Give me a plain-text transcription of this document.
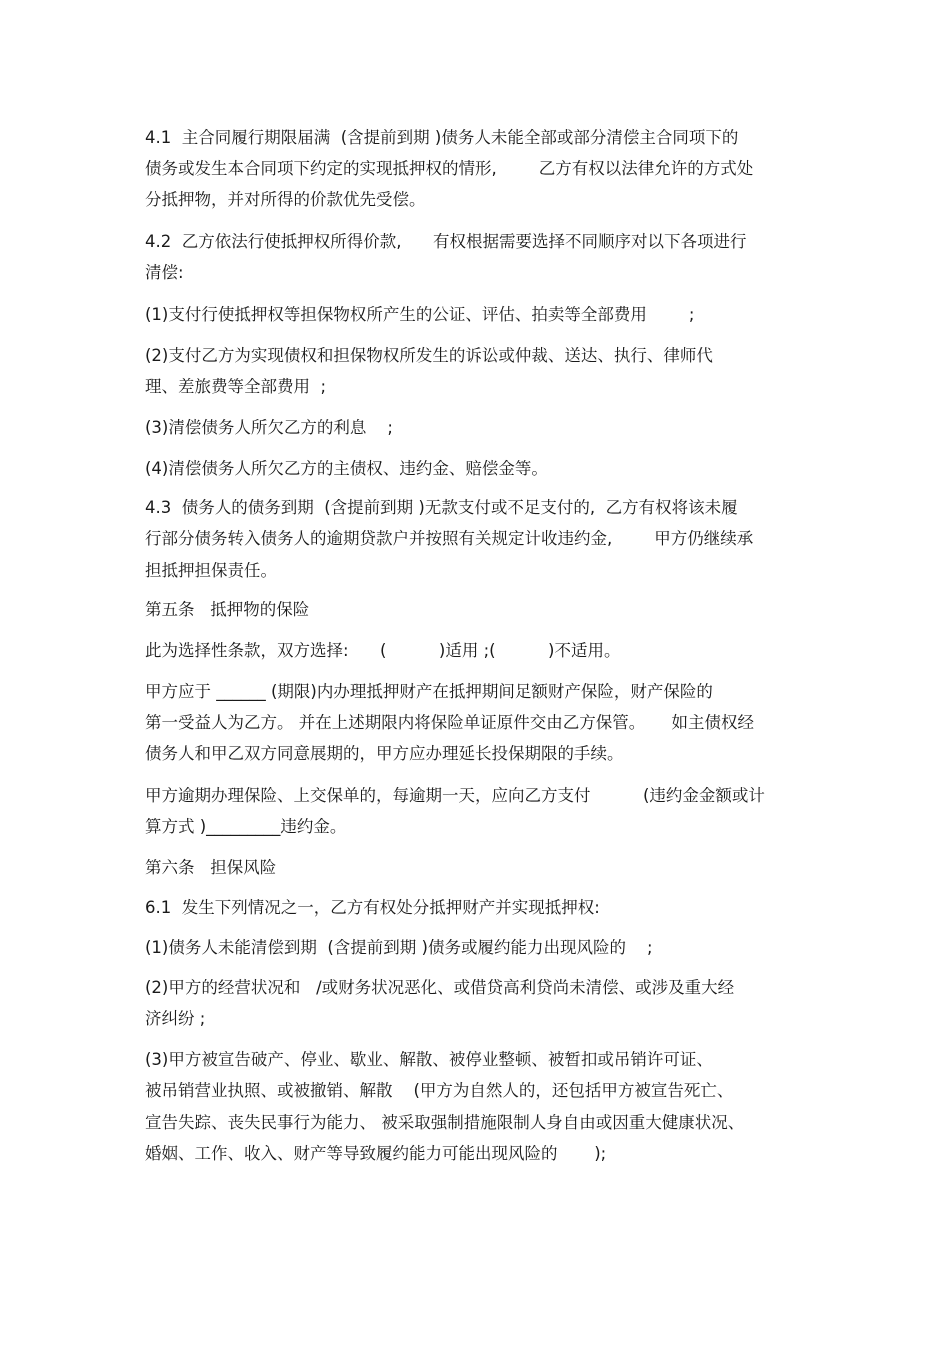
4.1  主合同履行期限届满  (含提前到期 )债务人未能全部或部分清偿主合同项下的
债务或发生本合同项下约定的实现抵押权的情形,        乙方有权以法律允许的方式处
分抵押物，并对所得的价款优先受偿。
4.2  乙方依法行使抵押权所得价款,      有权根据需要选择不同顺序对以下各项进行
清偿:
(1)支付行使抵押权等担保物权所产生的公证、评估、拍卖等全部费用        ;
(2)支付乙方为实现债权和担保物权所发生的诉讼或仲裁、送达、执行、律师代
理、差旅费等全部费用  ;
(3)清偿债务人所欠乙方的利息    ;
(4)清偿债务人所欠乙方的主债权、违约金、赔偿金等。
4.3  债务人的债务到期  (含提前到期 )无款支付或不足支付的,  乙方有权将该未履
行部分债务转入债务人的逾期贷款户并按照有关规定计收违约金,        甲方仍继续承
担抵押担保责任。
第五条   抵押物的保险
此为选择性条款，双方选择:      (          )适用 ;(          )不适用。
甲方应于 ______ (期限)内办理抵押财产在抵押期间足额财产保险，财产保险的
第一受益人为乙方。 并在上述期限内将保险单证原件交由乙方保管。     如主债权经
债务人和甲乙双方同意展期的，甲方应办理延长投保期限的手续。
甲方逾期办理保险、上交保单的，每逾期一天，应向乙方支付          (违约金金额或计
算方式 )_________违约金。
第六条   担保风险
6.1  发生下列情况之一，乙方有权处分抵押财产并实现抵押权:
(1)债务人未能清偿到期  (含提前到期 )债务或履约能力出现风险的    ;
(2)甲方的经营状况和   /或财务状况恶化、或借贷高利贷尚未清偿、或涉及重大经
济纠纷 ;
(3)甲方被宣告破产、停业、歇业、解散、被停业整顿、被暂扣或吊销许可证、
被吊销营业执照、或被撤销、解散    (甲方为自然人的，还包括甲方被宣告死亡、
宣告失踪、丧失民事行为能力、 被采取强制措施限制人身自由或因重大健康状况、
婚姻、工作、收入、财产等导致履约能力可能出现风险的       );
